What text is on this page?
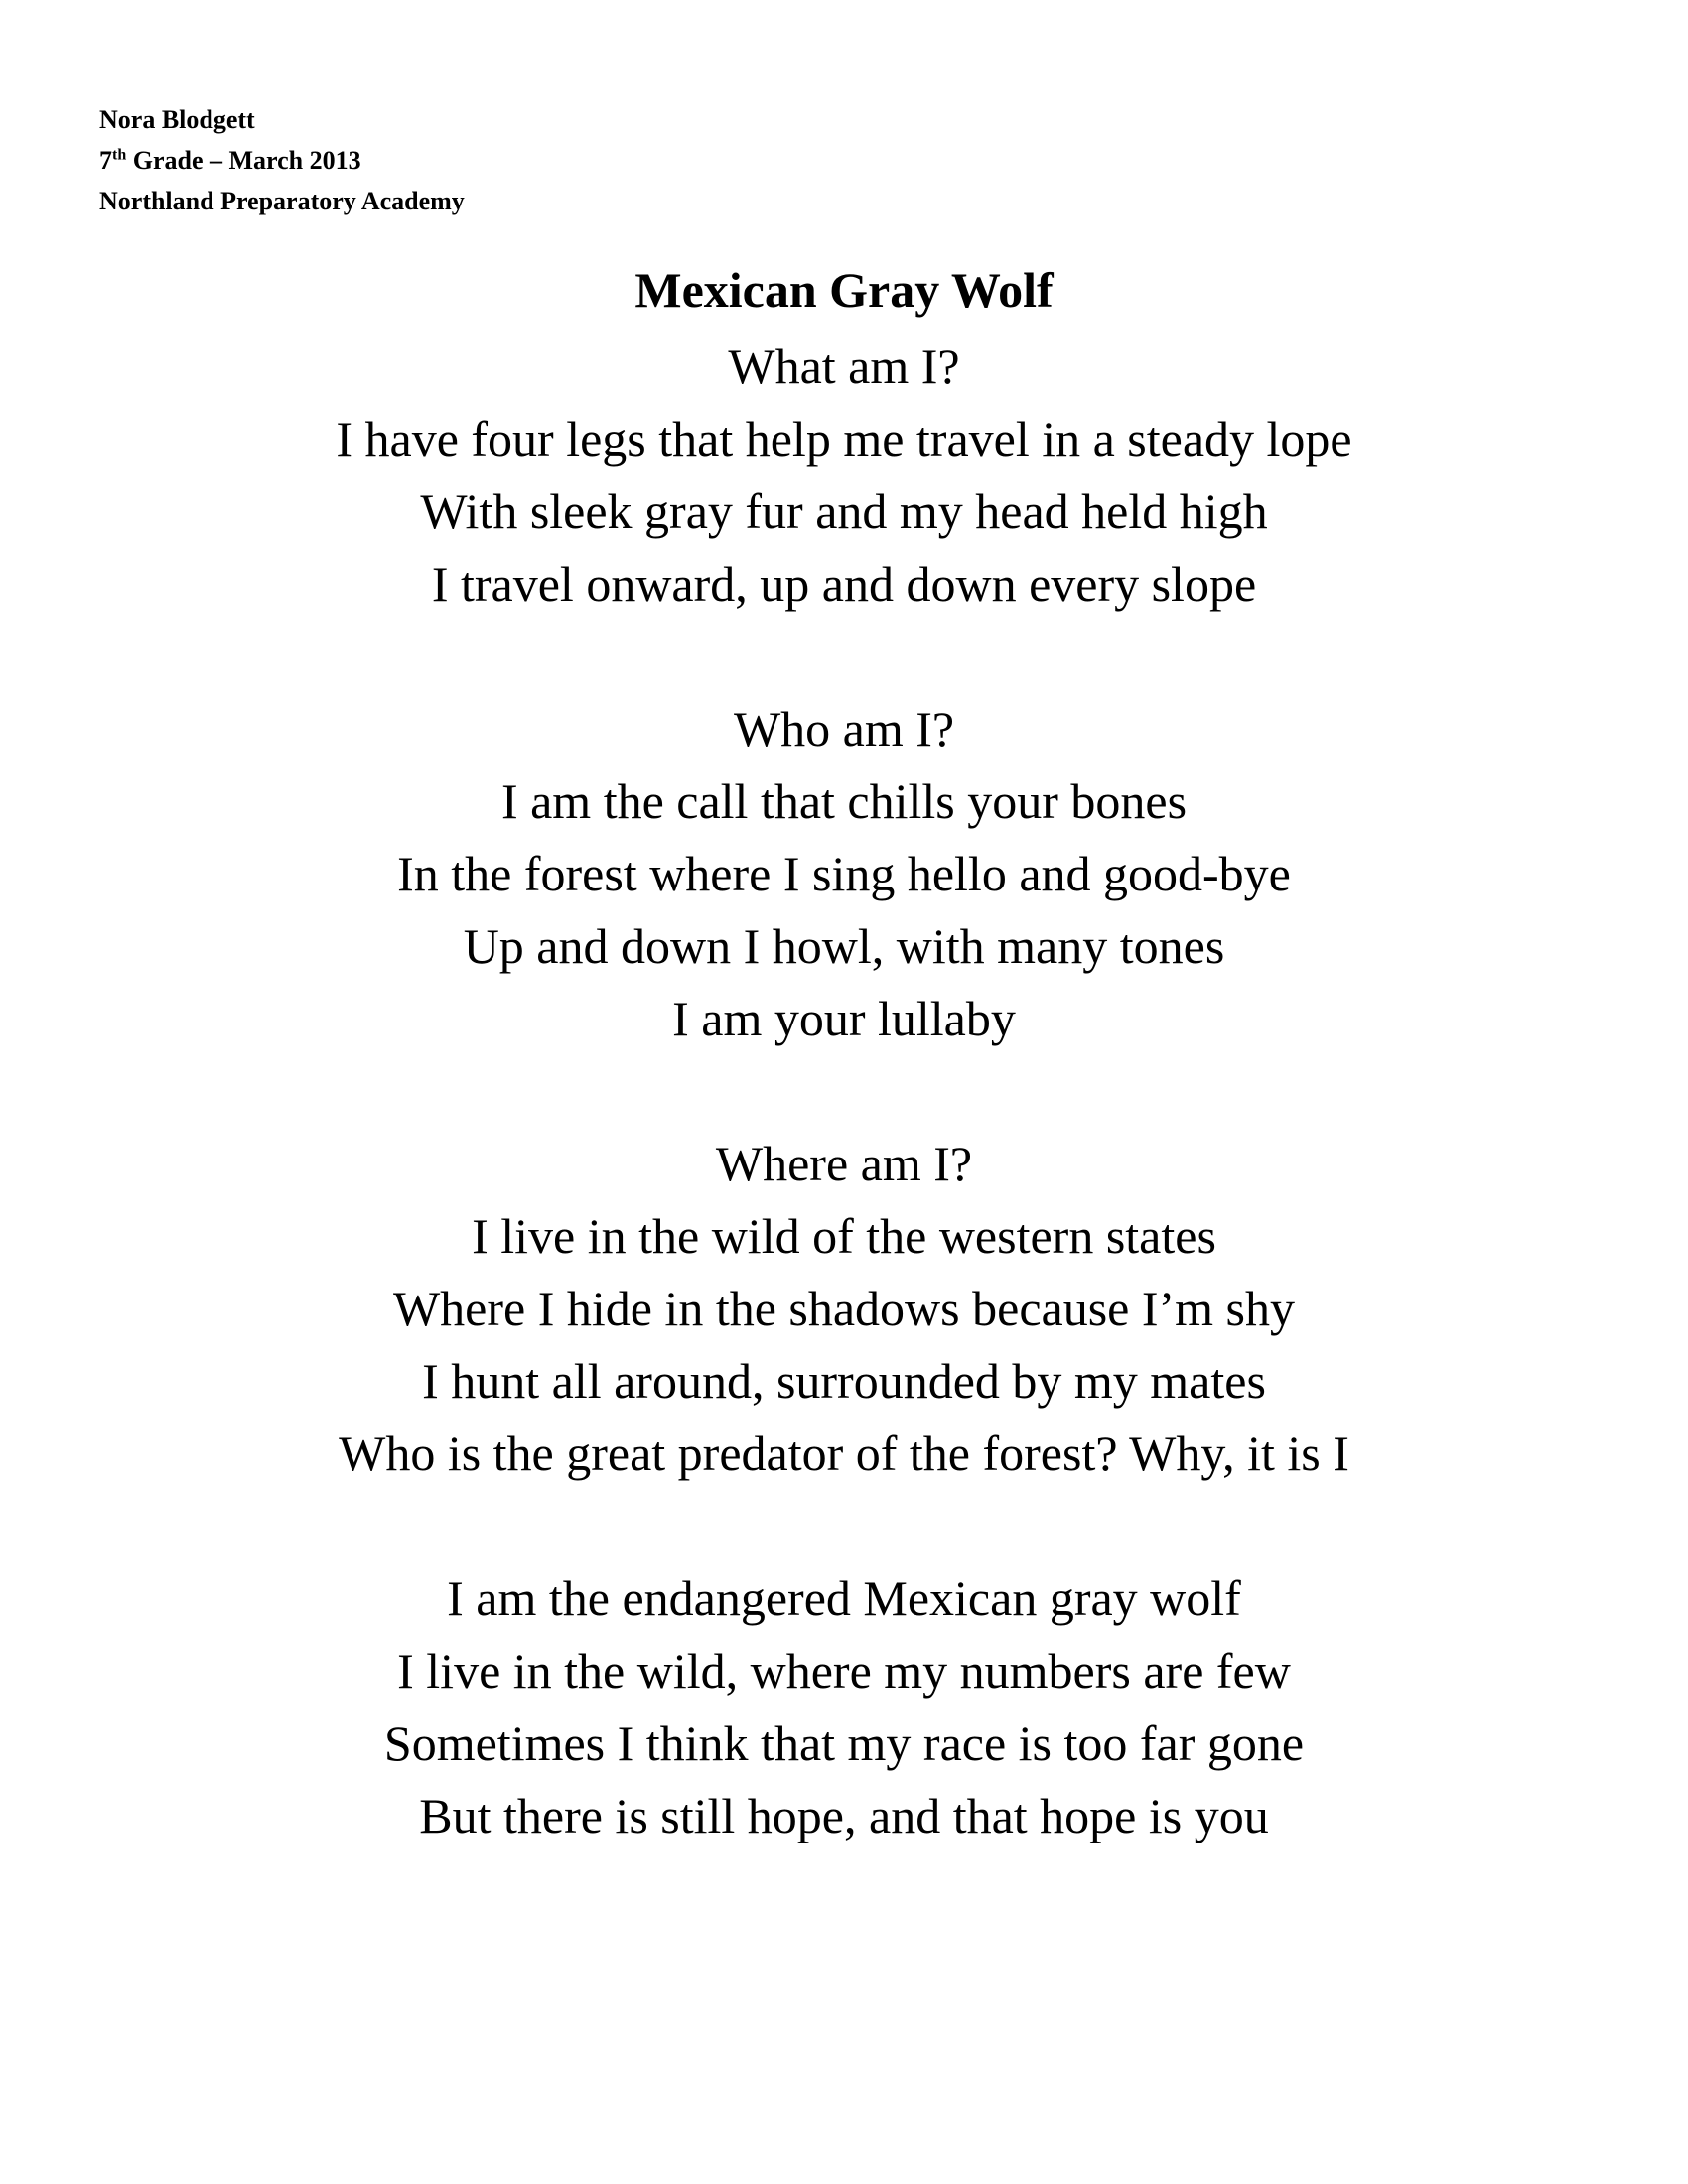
Nora Blodgett
7th Grade – March 2013
Northland Preparatory Academy
Mexican Gray Wolf
What am I?
I have four legs that help me travel in a steady lope
With sleek gray fur and my head held high
I travel onward, up and down every slope
Who am I?
I am the call that chills your bones
In the forest where I sing hello and good-bye
Up and down I howl, with many tones
I am your lullaby
Where am I?
I live in the wild of the western states
Where I hide in the shadows because I’m shy
I hunt all around, surrounded by my mates
Who is the great predator of the forest? Why, it is I
I am the endangered Mexican gray wolf
I live in the wild, where my numbers are few
Sometimes I think that my race is too far gone
But there is still hope, and that hope is you
